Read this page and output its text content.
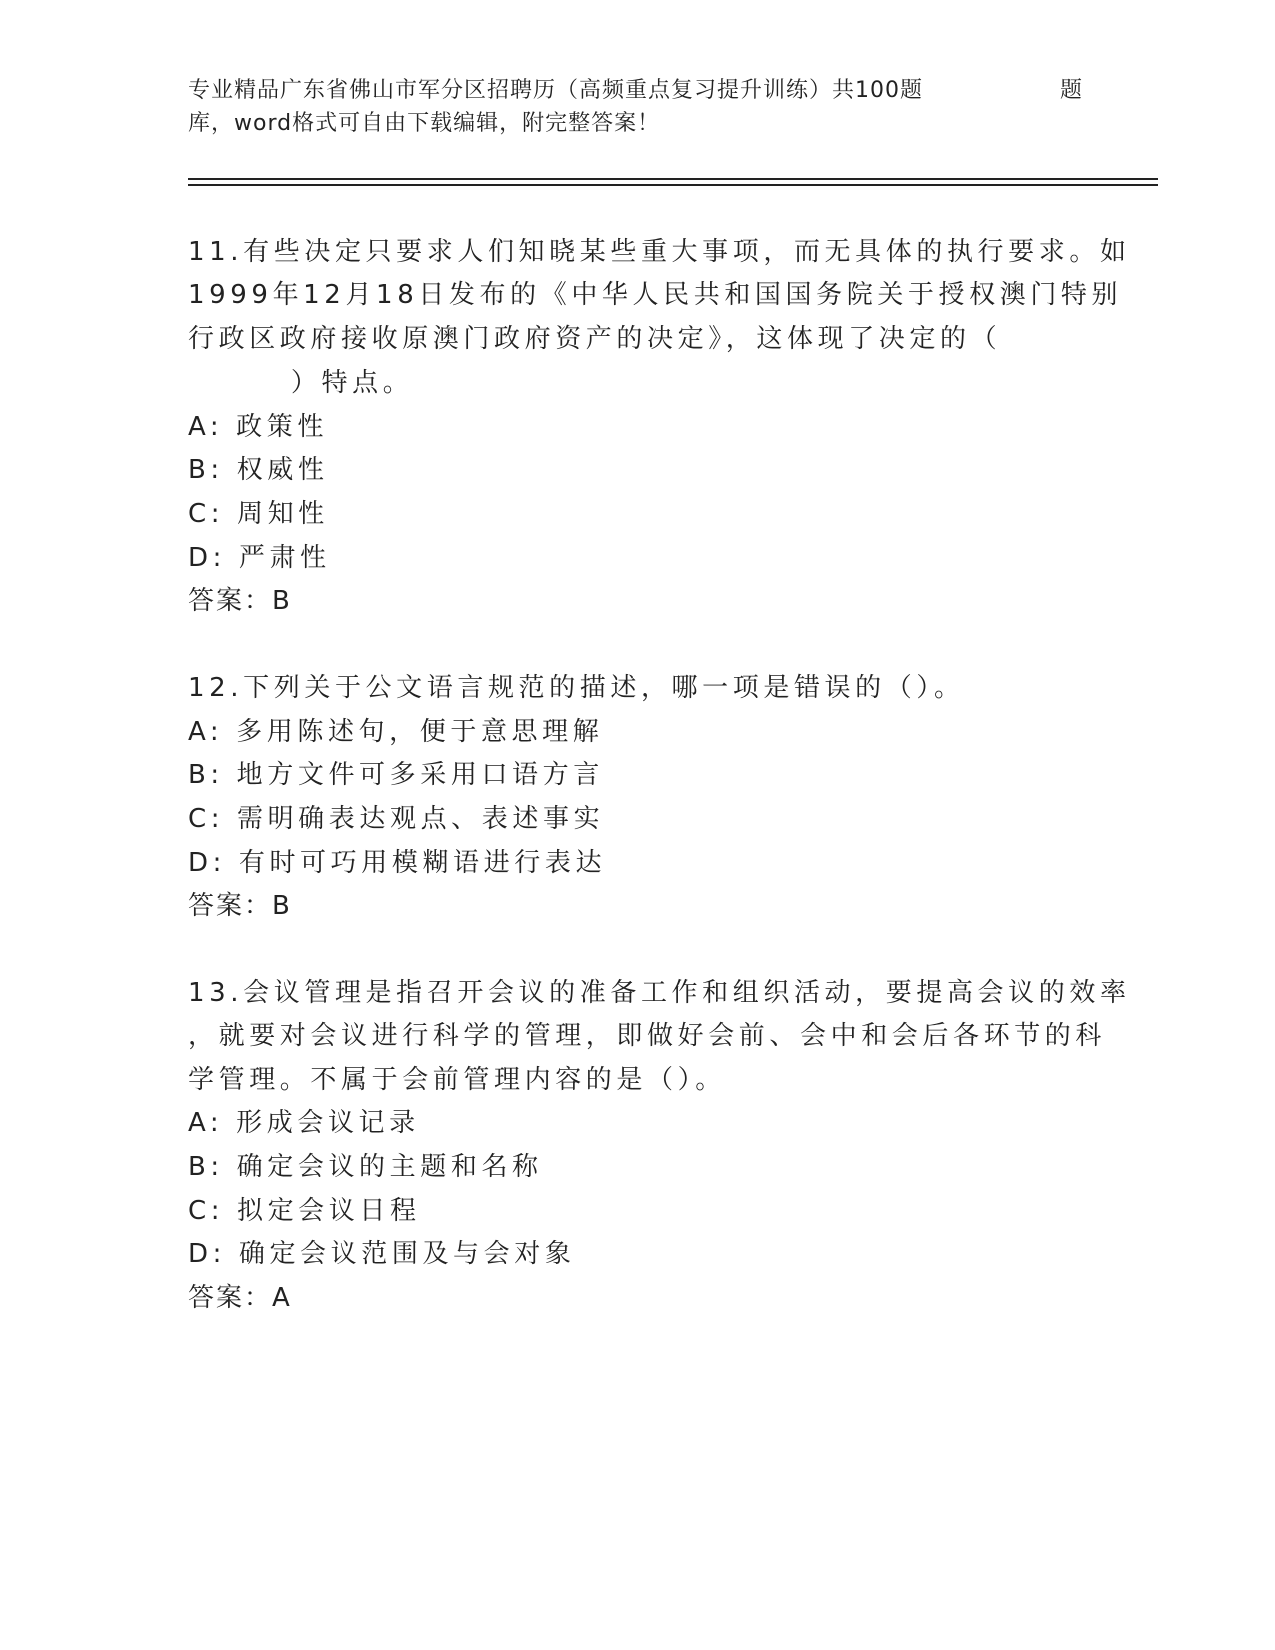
专业精品广东省佛山市军分区招聘历（高频重点复习提升训练）共100题	题
库，word格式可自由下载编辑，附完整答案！
11.有些决定只要求人们知晓某些重大事项，而无具体的执行要求。如
1999年12月18日发布的《中华人民共和国国务院关于授权澳门特别
行政区政府接收原澳门政府资产的决定》，这体现了决定的（
）特点。
A: 政策性
B: 权威性
C: 周知性
D: 严肃性
答案：B
12.下列关于公文语言规范的描述，哪一项是错误的（）。
A: 多用陈述句，便于意思理解
B: 地方文件可多采用口语方言
C: 需明确表达观点、表述事实
D: 有时可巧用模糊语进行表达
答案：B
13.会议管理是指召开会议的准备工作和组织活动，要提高会议的效率
，就要对会议进行科学的管理，即做好会前、会中和会后各环节的科
学管理。不属于会前管理内容的是（）。
A: 形成会议记录
B: 确定会议的主题和名称
C: 拟定会议日程
D: 确定会议范围及与会对象
答案：A
